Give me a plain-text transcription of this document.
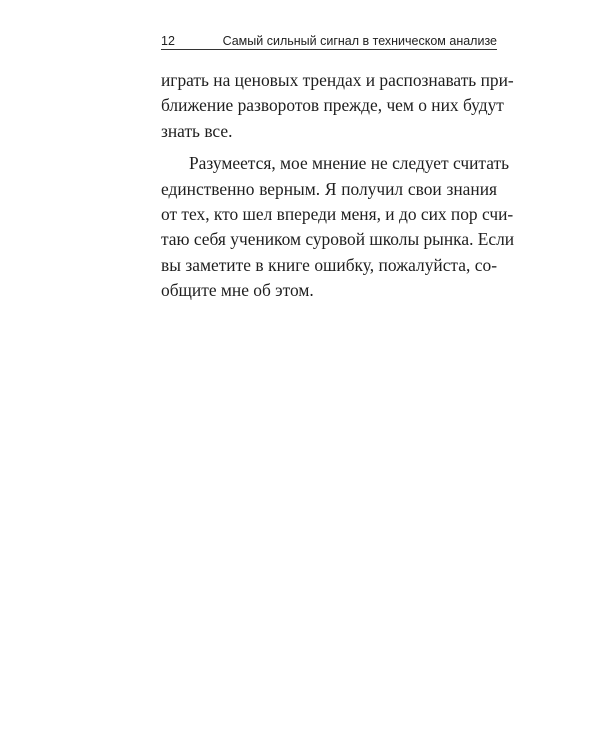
12	Самый сильный сигнал в техническом анализе
играть на ценовых трендах и распознавать при-
ближение разворотов прежде, чем о них будут
знать все.
Разумеется, мое мнение не следует считать
единственно верным. Я получил свои знания
от тех, кто шел впереди меня, и до сих пор счи-
таю себя учеником суровой школы рынка. Если
вы заметите в книге ошибку, пожалуйста, со-
общите мне об этом.
